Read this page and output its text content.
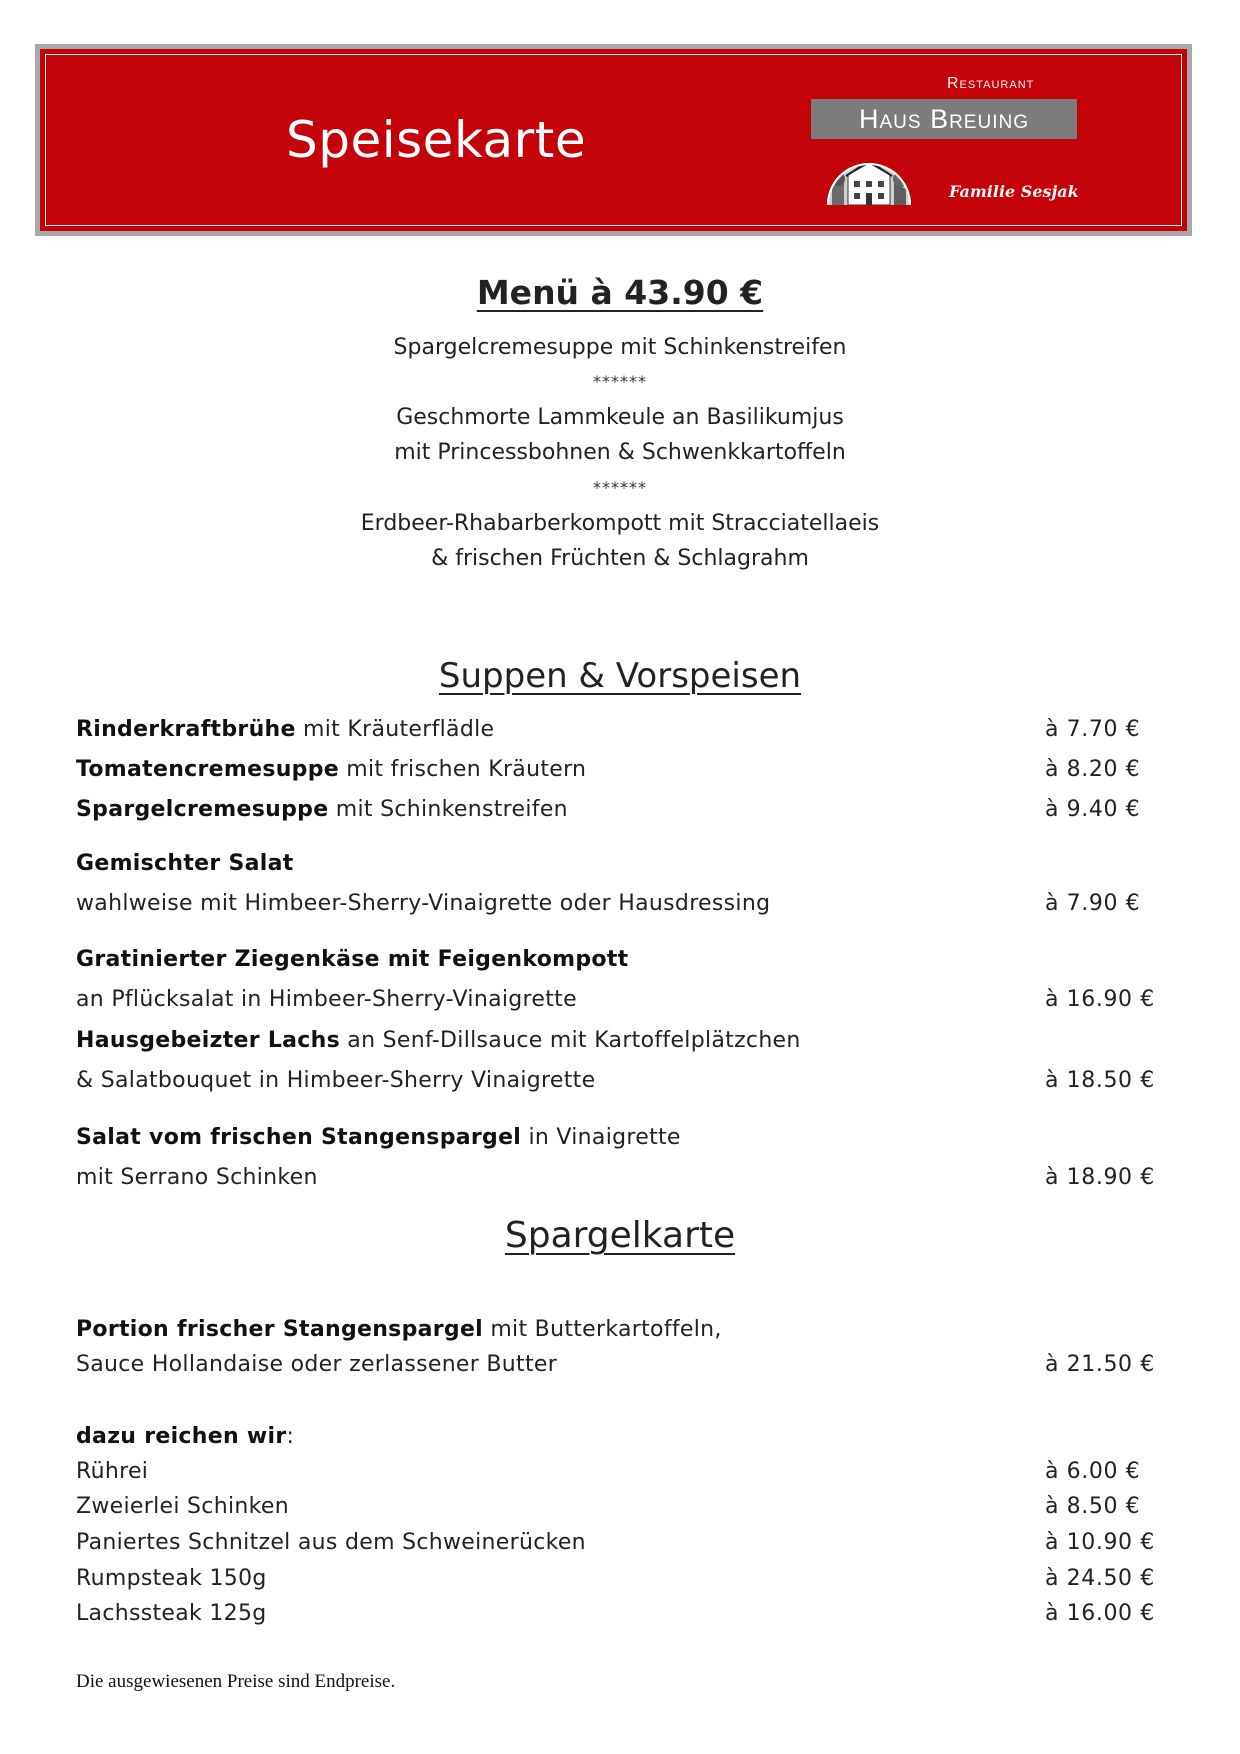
Speisekarte
Restaurant
Haus Breuing
Familie Sesjak
Menü à 43.90 €
Spargelcremesuppe mit Schinkenstreifen
******
Geschmorte Lammkeule an Basilikumjus
mit Princessbohnen & Schwenkkartoffeln
******
Erdbeer-Rhabarberkompott mit Stracciatellaeis
& frischen Früchten & Schlagrahm
Suppen & Vorspeisen
Rinderkraftbrühe mit Kräuterflädle	à 7.70 €
Tomatencremesuppe mit frischen Kräutern	à 8.20 €
Spargelcremesuppe mit Schinkenstreifen	à 9.40 €
Gemischter Salat
wahlweise mit Himbeer-Sherry-Vinaigrette oder Hausdressing	à 7.90 €
Gratinierter Ziegenkäse mit Feigenkompott
an Pflücksalat in Himbeer-Sherry-Vinaigrette	à 16.90 €
Hausgebeizter Lachs an Senf-Dillsauce mit Kartoffelplätzchen
& Salatbouquet in Himbeer-Sherry Vinaigrette	à 18.50 €
Salat vom frischen Stangenspargel in Vinaigrette
mit Serrano Schinken	à 18.90 €
Spargelkarte
Portion frischer Stangenspargel mit Butterkartoffeln,
Sauce Hollandaise oder zerlassener Butter	à 21.50 €
dazu reichen wir:
Rührei	à 6.00 €
Zweierlei Schinken	à 8.50 €
Paniertes Schnitzel aus dem Schweinerücken	à 10.90 €
Rumpsteak 150g	à 24.50 €
Lachssteak 125g	à 16.00 €
Die ausgewiesenen Preise sind Endpreise.
